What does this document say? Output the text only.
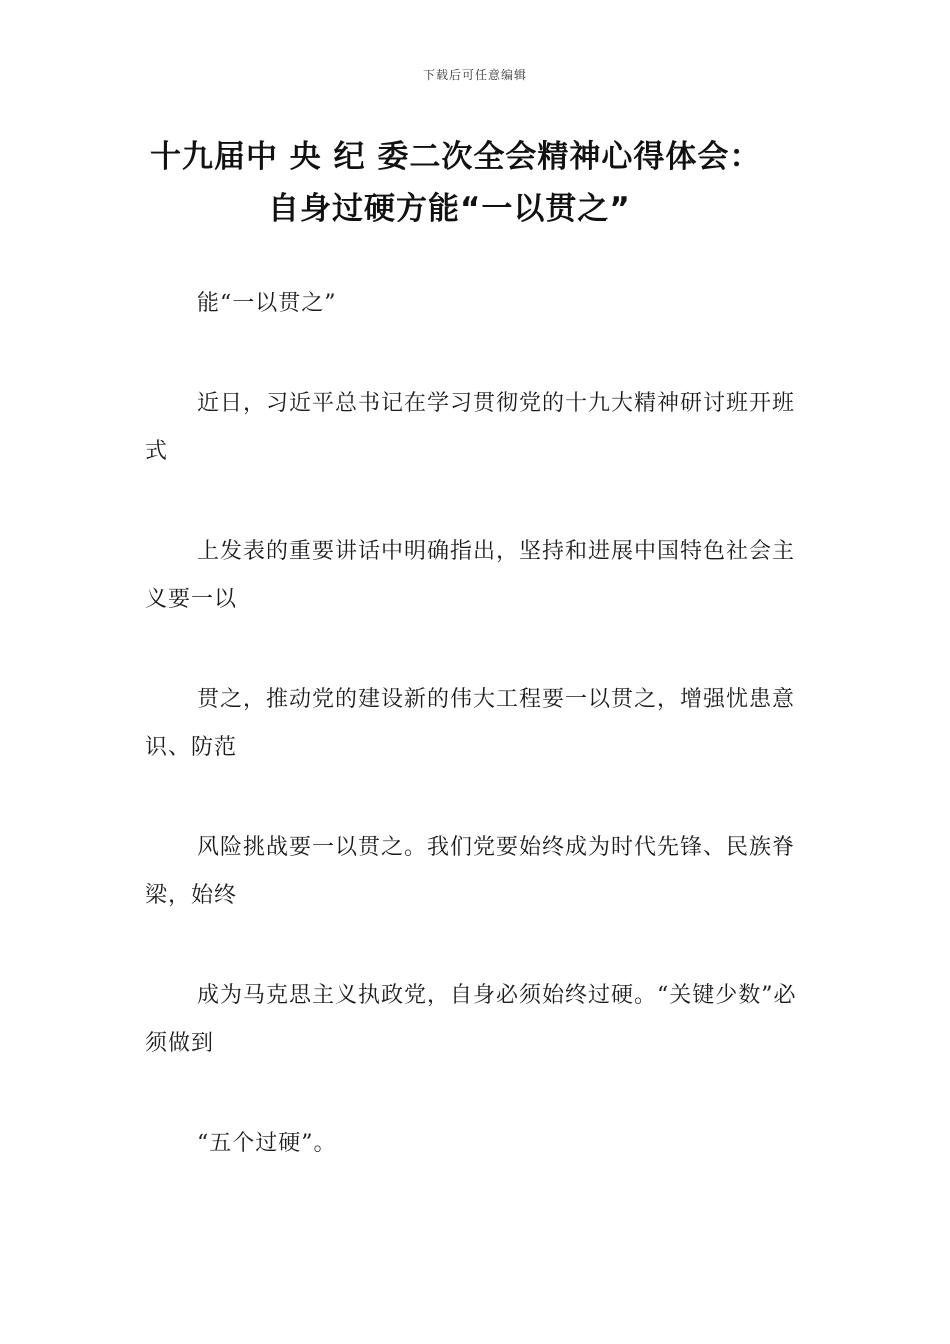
下载后可任意编辑
十九届中 央 纪 委二次全会精神心得体会：
自身过硬方能“一以贯之”

能“一以贯之”

近日，习近平总书记在学习贯彻党的十九大精神研讨班开班式

上发表的重要讲话中明确指出，坚持和进展中国特色社会主义要一以

贯之，推动党的建设新的伟大工程要一以贯之，增强忧患意识、防范

风险挑战要一以贯之。我们党要始终成为时代先锋、民族脊梁，始终

成为马克思主义执政党，自身必须始终过硬。“关键少数”必须做到

“五个过硬”。
